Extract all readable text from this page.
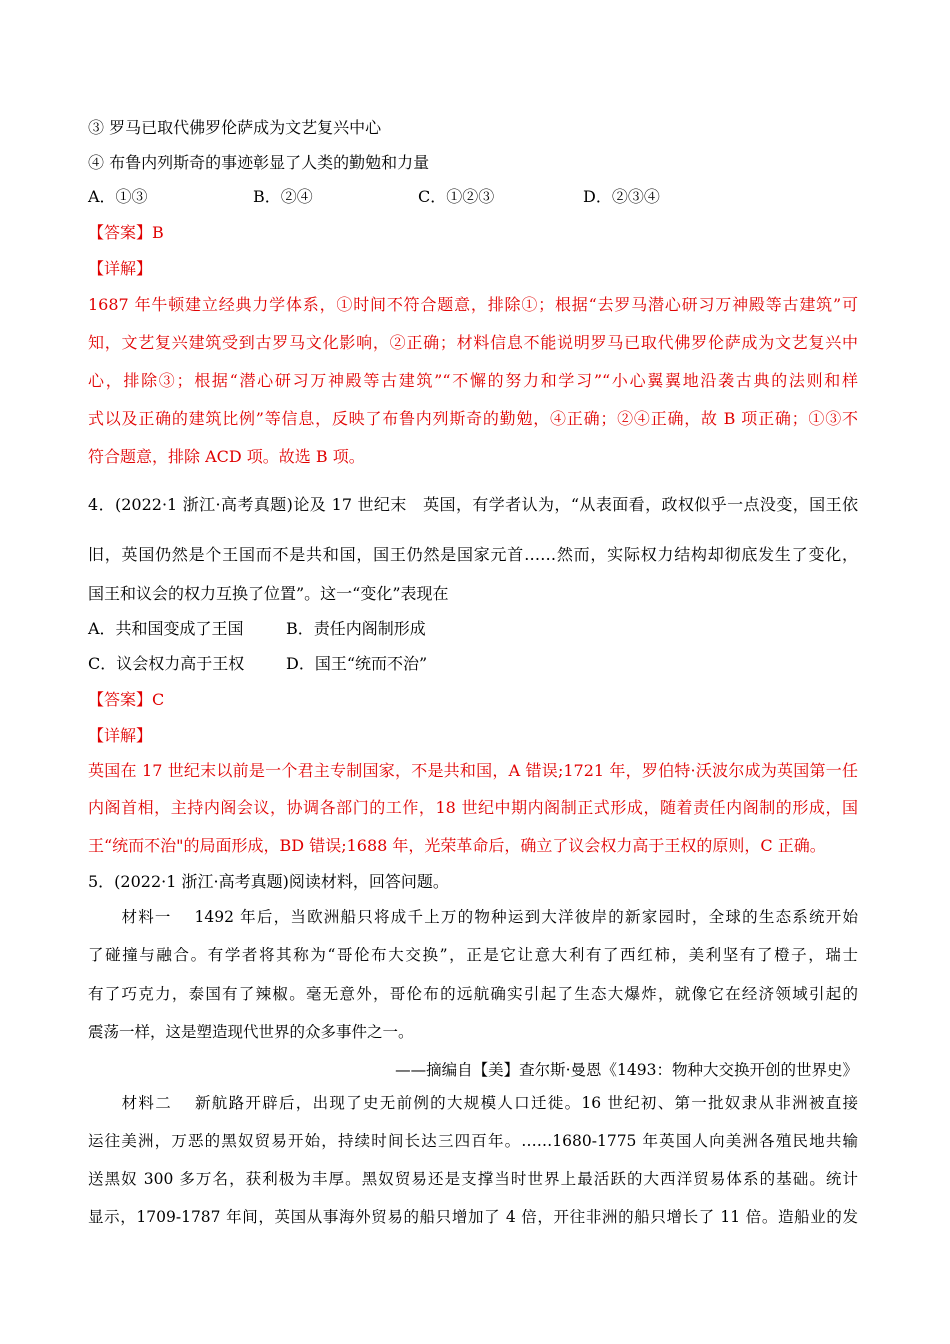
③ 罗马已取代佛罗伦萨成为文艺复兴中心
④ 布鲁内列斯奇的事迹彰显了人类的勤勉和力量
A．①③	B．②④	C．①②③	D．②③④
【答案】B
【详解】
1687 年牛顿建立经典力学体系，①时间不符合题意，排除①；根据“去罗马潜心研习万神殿等古建筑”可
知，文艺复兴建筑受到古罗马文化影响，②正确；材料信息不能说明罗马已取代佛罗伦萨成为文艺复兴中
心，排除③；根据“潜心研习万神殿等古建筑”“不懈的努力和学习”“小心翼翼地沿袭古典的法则和样
式以及正确的建筑比例”等信息，反映了布鲁内列斯奇的勤勉，④正确；②④正确，故 B 项正确；①③不
符合题意，排除 ACD 项。故选 B 项。
4．(2022·1 浙江·高考真题)论及 17 世纪末　英国，有学者认为，“从表面看，政权似乎一点没变，国王依
旧，英国仍然是个王国而不是共和国，国王仍然是国家元首……然而，实际权力结构却彻底发生了变化，
国王和议会的权力互换了位置”。这一“变化”表现在
A．共和国变成了王国	B．责任内阁制形成
C．议会权力高于王权	D．国王“统而不治”
【答案】C
【详解】
英国在 17 世纪末以前是一个君主专制国家，不是共和国，A 错误;1721 年，罗伯特·沃波尔成为英国第一任
内阁首相，主持内阁会议，协调各部门的工作，18 世纪中期内阁制正式形成，随着责任内阁制的形成，国
王“统而不治"的局面形成，BD 错误;1688 年，光荣革命后，确立了议会权力高于王权的原则，C 正确。
5．(2022·1 浙江·高考真题)阅读材料，回答问题。
　　材料一　 1492 年后，当欧洲船只将成千上万的物种运到大洋彼岸的新家园时，全球的生态系统开始
了碰撞与融合。有学者将其称为“哥伦布大交换”，正是它让意大利有了西红柿，美利坚有了橙子，瑞士
有了巧克力，泰国有了辣椒。毫无意外，哥伦布的远航确实引起了生态大爆炸，就像它在经济领域引起的
震荡一样，这是塑造现代世界的众多事件之一。
——摘编自【美】查尔斯·曼恩《1493：物种大交换开创的世界史》
　　材料二　 新航路开辟后，出现了史无前例的大规模人口迁徙。16 世纪初、第一批奴隶从非洲被直接
运往美洲，万恶的黑奴贸易开始，持续时间长达三四百年。……1680-1775 年英国人向美洲各殖民地共输
送黑奴 300 多万名，获利极为丰厚。黑奴贸易还是支撑当时世界上最活跃的大西洋贸易体系的基础。统计
显示，1709-1787 年间，英国从事海外贸易的船只增加了 4 倍，开往非洲的船只增长了 11 倍。造船业的发
